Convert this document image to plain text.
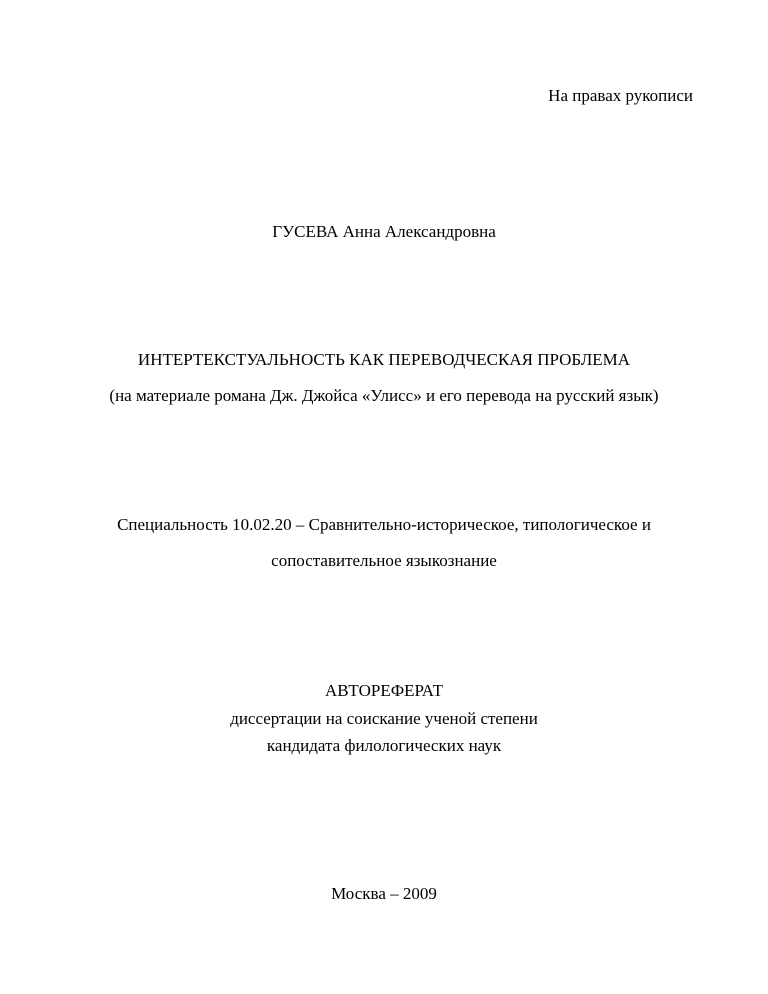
На правах рукописи
ГУСЕВА Анна Александровна
ИНТЕРТЕКСТУАЛЬНОСТЬ КАК ПЕРЕВОДЧЕСКАЯ ПРОБЛЕМА
(на материале романа Дж. Джойса «Улисс» и его перевода на русский язык)
Специальность 10.02.20 – Сравнительно-историческое, типологическое и
сопоставительное языкознание
АВТОРЕФЕРАТ
диссертации на соискание ученой степени
кандидата филологических наук
Москва – 2009
